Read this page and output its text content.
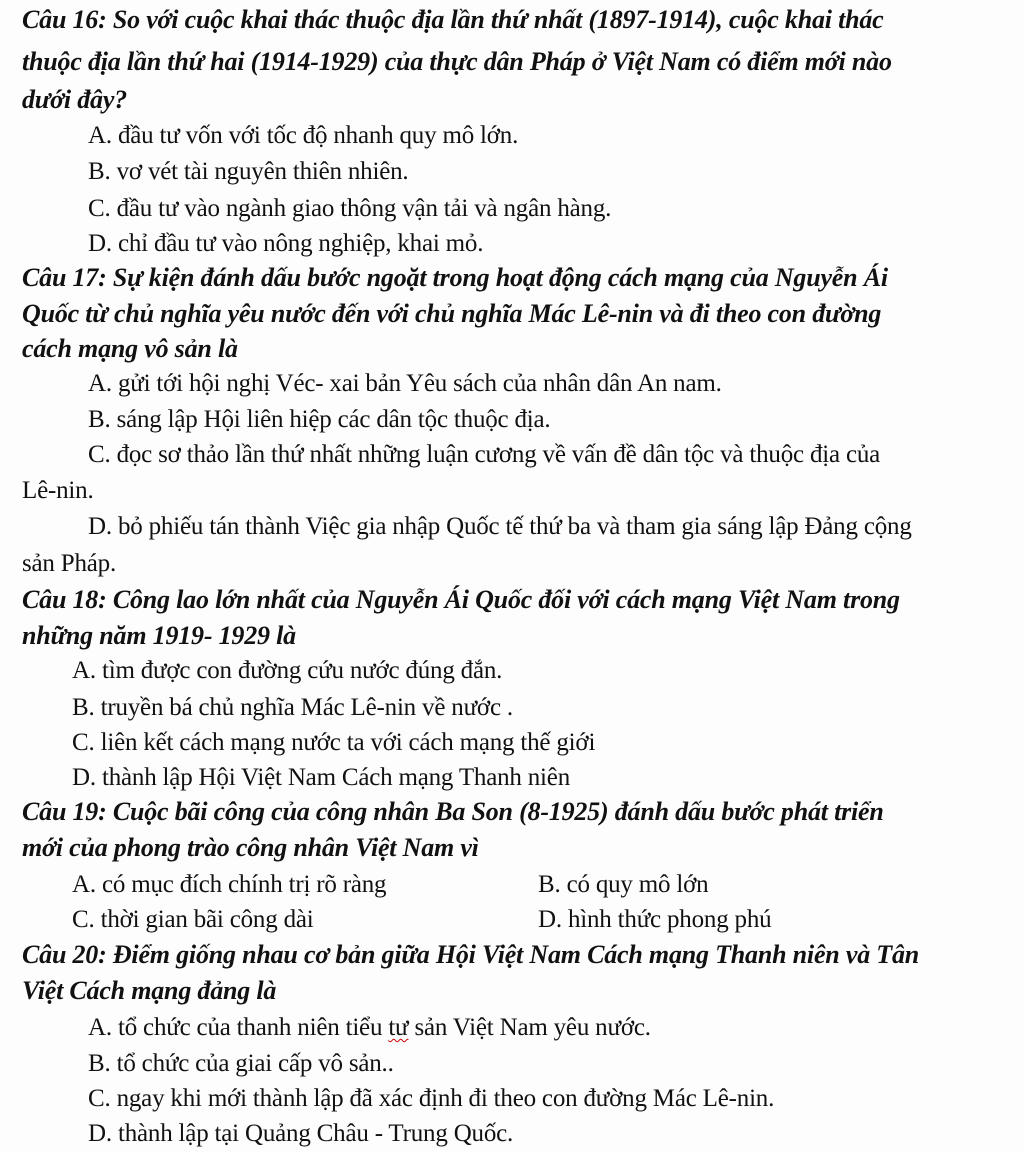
Câu 16: So với cuộc khai thác thuộc địa lần thứ nhất (1897-1914), cuộc khai thác
thuộc địa lần thứ hai (1914-1929) của thực dân Pháp ở Việt Nam có điểm mới nào
dưới đây?
A. đầu tư vốn với tốc độ nhanh quy mô lớn.
B. vơ vét tài nguyên thiên nhiên.
C. đầu tư vào ngành giao thông vận tải và ngân hàng.
D. chỉ đầu tư vào nông nghiệp, khai mỏ.
Câu 17: Sự kiện đánh dấu bước ngoặt trong hoạt động cách mạng của Nguyễn Ái
Quốc từ chủ nghĩa yêu nước đến với chủ nghĩa Mác Lê-nin và đi theo con đường
cách mạng vô sản là
A. gửi tới hội nghị Véc- xai bản Yêu sách của nhân dân An nam.
B. sáng lập Hội liên hiệp các dân tộc thuộc địa.
C. đọc sơ thảo lần thứ nhất những luận cương về vấn đề dân tộc và thuộc địa của
Lê-nin.
D. bỏ phiếu tán thành Việc gia nhập Quốc tế thứ ba và tham gia sáng lập Đảng cộng
sản Pháp.
Câu 18: Công lao lớn nhất của Nguyễn Ái Quốc đối với cách mạng Việt Nam trong
những năm 1919- 1929 là
A. tìm được con đường cứu nước đúng đắn.
B. truyền bá chủ nghĩa Mác Lê-nin về nước .
C. liên kết cách mạng nước ta với cách mạng thế giới
D. thành lập Hội Việt Nam Cách mạng Thanh niên
Câu 19: Cuộc bãi công của công nhân Ba Son (8-1925) đánh dấu bước phát triển
mới của phong trào công nhân Việt Nam vì
A. có mục đích chính trị rõ ràng	B. có quy mô lớn
C. thời gian bãi công dài	D. hình thức phong phú
Câu 20: Điểm giống nhau cơ bản giữa Hội Việt Nam Cách mạng Thanh niên và Tân
Việt Cách mạng đảng là
A. tổ chức của thanh niên tiểu tư sản Việt Nam yêu nước.
B. tổ chức của giai cấp vô sản..
C. ngay khi mới thành lập đã xác định đi theo con đường Mác Lê-nin.
D. thành lập tại Quảng Châu - Trung Quốc.
